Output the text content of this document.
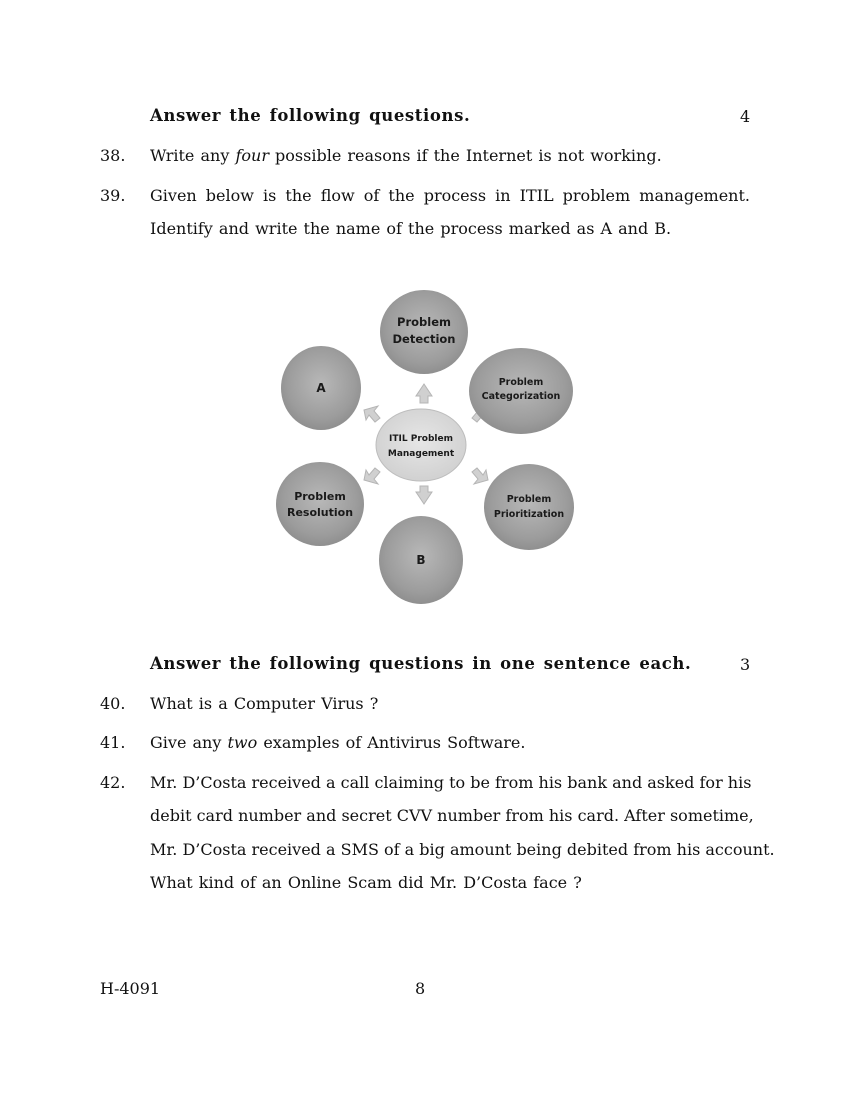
Answer the following questions.	4
38. Write any four possible reasons if the Internet is not working.
39. Given below is the flow of the process in ITIL problem management.
Identify and write the name of the process marked as A and B.
Problem
Detection
Problem
Categorization
Problem
Prioritization
B
Problem
Resolution
A
ITIL Problem
Management
Answer the following questions in one sentence each.	3
40. What is a Computer Virus ?
41. Give any two examples of Antivirus Software.
42. Mr. D’Costa received a call claiming to be from his bank and asked for his
debit card number and secret CVV number from his card. After sometime,
Mr. D’Costa received a SMS of a big amount being debited from his account.
What kind of an Online Scam did Mr. D’Costa face ?
H-4091	8
